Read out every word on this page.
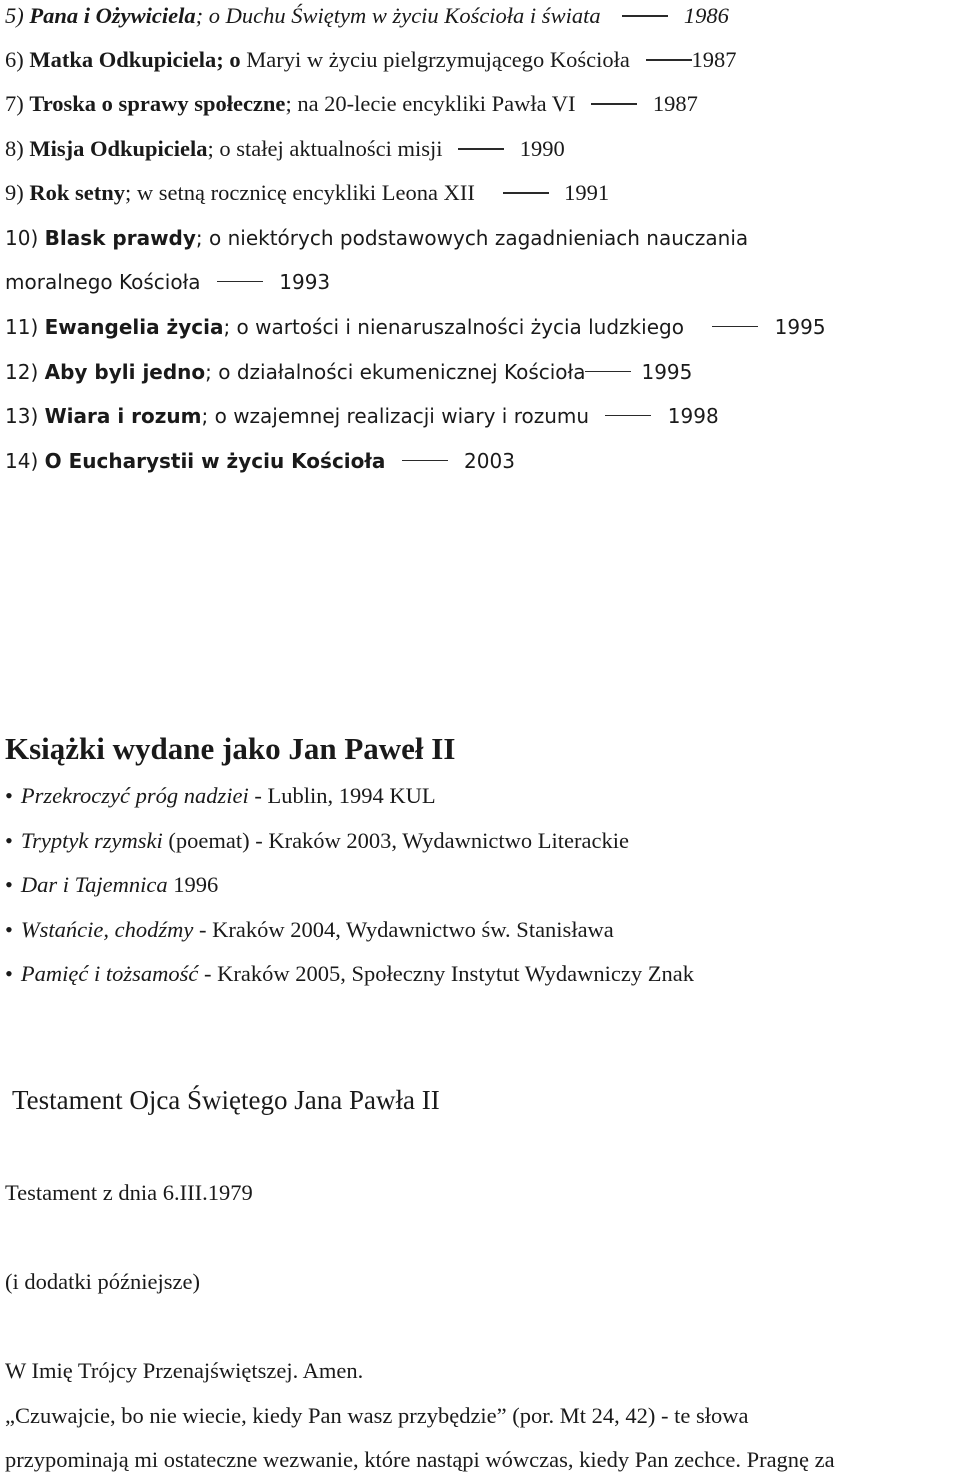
5) Pana i Ożywiciela; o Duchu Świętym w życiu Kościoła i świata	1986
6) Matka Odkupiciela; o Maryi w życiu pielgrzymującego Kościoła	1987
7) Troska o sprawy społeczne; na 20-lecie encykliki Pawła VI	1987
8) Misja Odkupiciela; o stałej aktualności misji	1990
9) Rok setny; w setną rocznicę encykliki Leona XII	1991
10) Blask prawdy; o niektórych podstawowych zagadnieniach nauczania
moralnego Kościoła	1993
11) Ewangelia życia; o wartości i nienaruszalności życia ludzkiego	1995
12) Aby byli jedno; o działalności ekumenicznej Kościoła	1995
13) Wiara i rozum; o wzajemnej realizacji wiary i rozumu	1998
14) O Eucharystii w życiu Kościoła	2003
Książki wydane jako Jan Paweł II
• Przekroczyć próg nadziei - Lublin, 1994 KUL
• Tryptyk rzymski (poemat) - Kraków 2003, Wydawnictwo Literackie
• Dar i Tajemnica 1996
• Wstańcie, chodźmy - Kraków 2004, Wydawnictwo św. Stanisława
• Pamięć i tożsamość - Kraków 2005, Społeczny Instytut Wydawniczy Znak
Testament Ojca Świętego Jana Pawła II
Testament z dnia 6.III.1979
(i dodatki późniejsze)
W Imię Trójcy Przenajświętszej. Amen.
„Czuwajcie, bo nie wiecie, kiedy Pan wasz przybędzie” (por. Mt 24, 42) - te słowa
przypominają mi ostateczne wezwanie, które nastąpi wówczas, kiedy Pan zechce. Pragnę za
